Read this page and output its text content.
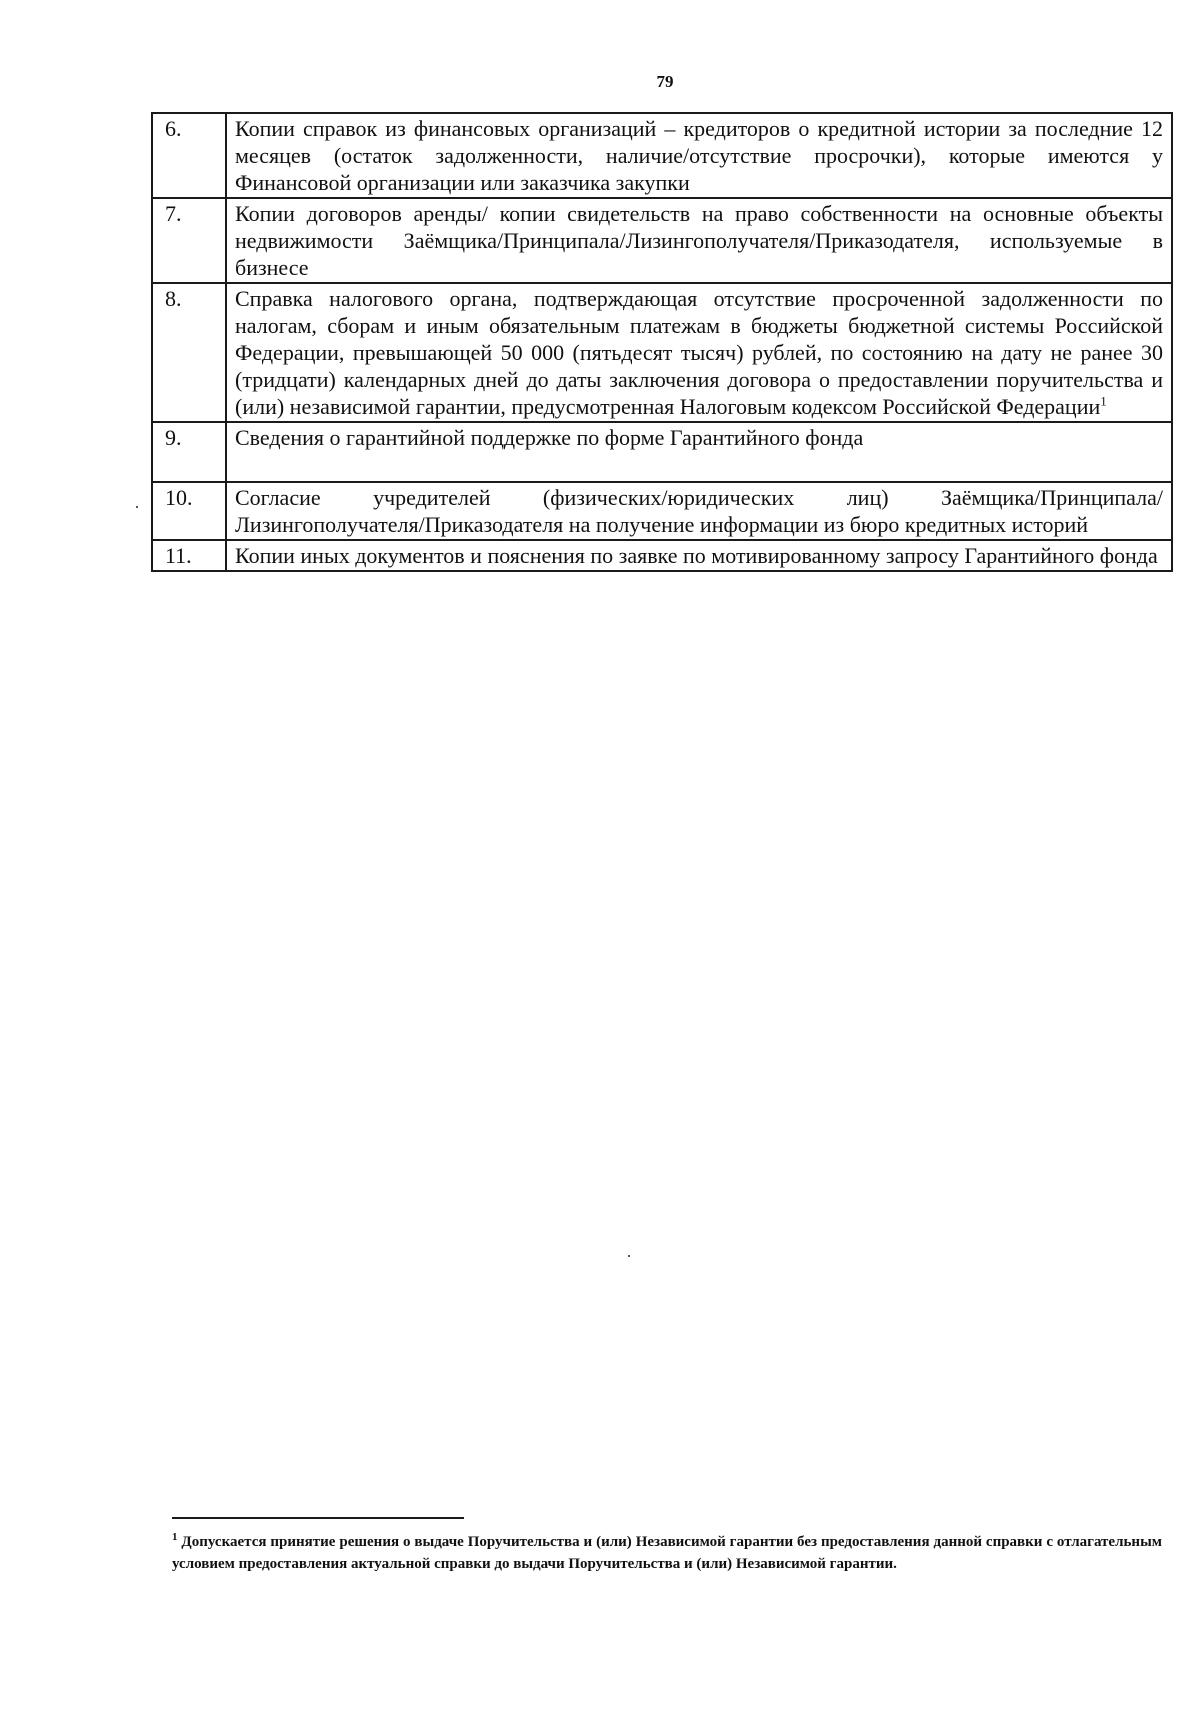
79
6.	Копии справок из финансовых организаций – кредиторов о кредитной истории за последние 12 месяцев (остаток задолженности, наличие/отсутствие просрочки), которые имеются у Финансовой организации или заказчика закупки
7.	Копии договоров аренды/ копии свидетельств на право собственности на основные объекты недвижимости Заёмщика/Принципала/Лизингополучателя/Приказодателя, используемые в бизнесе
8.	Справка налогового органа, подтверждающая отсутствие просроченной задолженности по налогам, сборам и иным обязательным платежам в бюджеты бюджетной системы Российской Федерации, превышающей 50 000 (пятьдесят тысяч) рублей, по состоянию на дату не ранее 30 (тридцати) календарных дней до даты заключения договора о предоставлении поручительства и (или) независимой гарантии, предусмотренная Налоговым кодексом Российской Федерации$^1$
9.	Сведения о гарантийной поддержке по форме Гарантийного фонда
10.	Согласие учредителей (физических/юридических лиц) Заёмщика/Принципала/Лизингополучателя/Приказодателя на получение информации из бюро кредитных историй
11.	Копии иных документов и пояснения по заявке по мотивированному запросу Гарантийного фонда
$^1$ Допускается принятие решения о выдаче Поручительства и (или) Независимой гарантии без предоставления данной справки с отлагательным условием предоставления актуальной справки до выдачи Поручительства и (или) Независимой гарантии.
